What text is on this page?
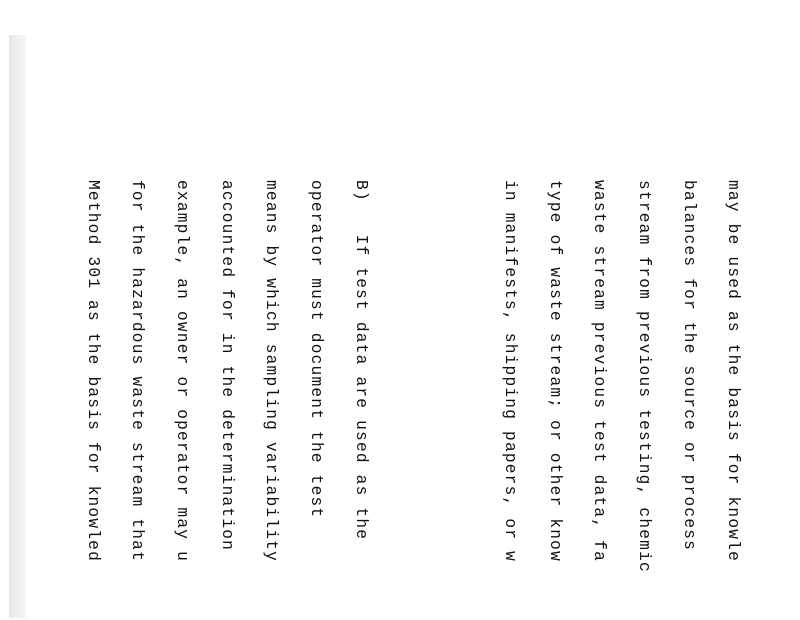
may be used as the basis for knowle

balances for the source or process

stream from previous testing, chemic

waste stream previous test data, fa

type of waste stream; or other know

in manifests, shipping papers, or w

B)   If test data are used as the

operator must document the test

means by which sampling variability

accounted for in the determination

example, an owner or operator may u

for the hazardous waste stream that

Method 301 as the basis for knowled
